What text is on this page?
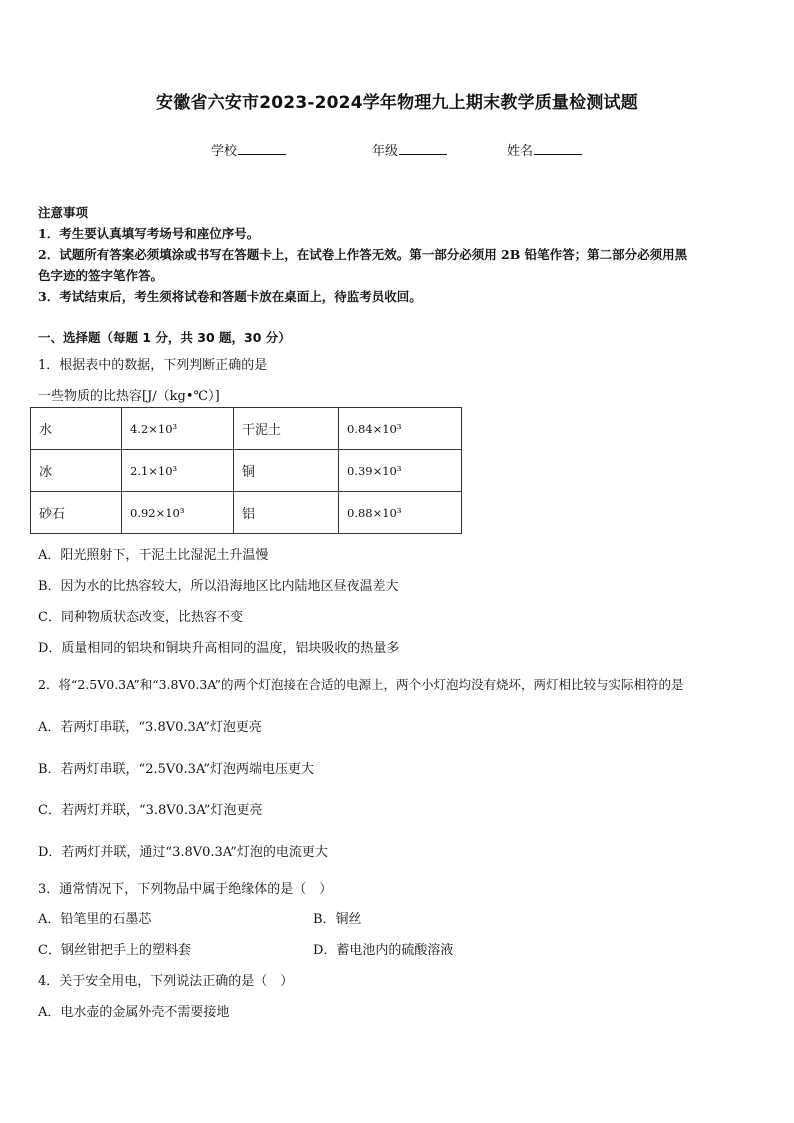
安徽省六安市2023-2024学年物理九上期末教学质量检测试题
学校	年级	姓名
注意事项
1．考生要认真填写考场号和座位序号。
2．试题所有答案必须填涂或书写在答题卡上，在试卷上作答无效。第一部分必须用 2B 铅笔作答；第二部分必须用黑
色字迹的签字笔作答。
3．考试结束后，考生须将试卷和答题卡放在桌面上，待监考员收回。
一、选择题（每题 1 分，共 30 题，30 分）
1．根据表中的数据，下列判断正确的是
一些物质的比热容[J/（kg•℃）]
水	4.2×10³	干泥土	0.84×10³
冰	2.1×10³	铜	0.39×10³
砂石	0.92×10³	铝	0.88×10³
A．阳光照射下，干泥土比湿泥土升温慢
B．因为水的比热容较大，所以沿海地区比内陆地区昼夜温差大
C．同种物质状态改变，比热容不变
D．质量相同的铝块和铜块升高相同的温度，铝块吸收的热量多
2．将“2.5V0.3A”和“3.8V0.3A”的两个灯泡接在合适的电源上，两个小灯泡均没有烧坏，两灯相比较与实际相符的是
A．若两灯串联，“3.8V0.3A”灯泡更亮
B．若两灯串联，“2.5V0.3A”灯泡两端电压更大
C．若两灯并联，“3.8V0.3A”灯泡更亮
D．若两灯并联，通过“3.8V0.3A”灯泡的电流更大
3．通常情况下，下列物品中属于绝缘体的是（　）
A．铅笔里的石墨芯	B．铜丝
C．钢丝钳把手上的塑料套	D．蓄电池内的硫酸溶液
4．关于安全用电，下列说法正确的是（　）
A．电水壶的金属外壳不需要接地
